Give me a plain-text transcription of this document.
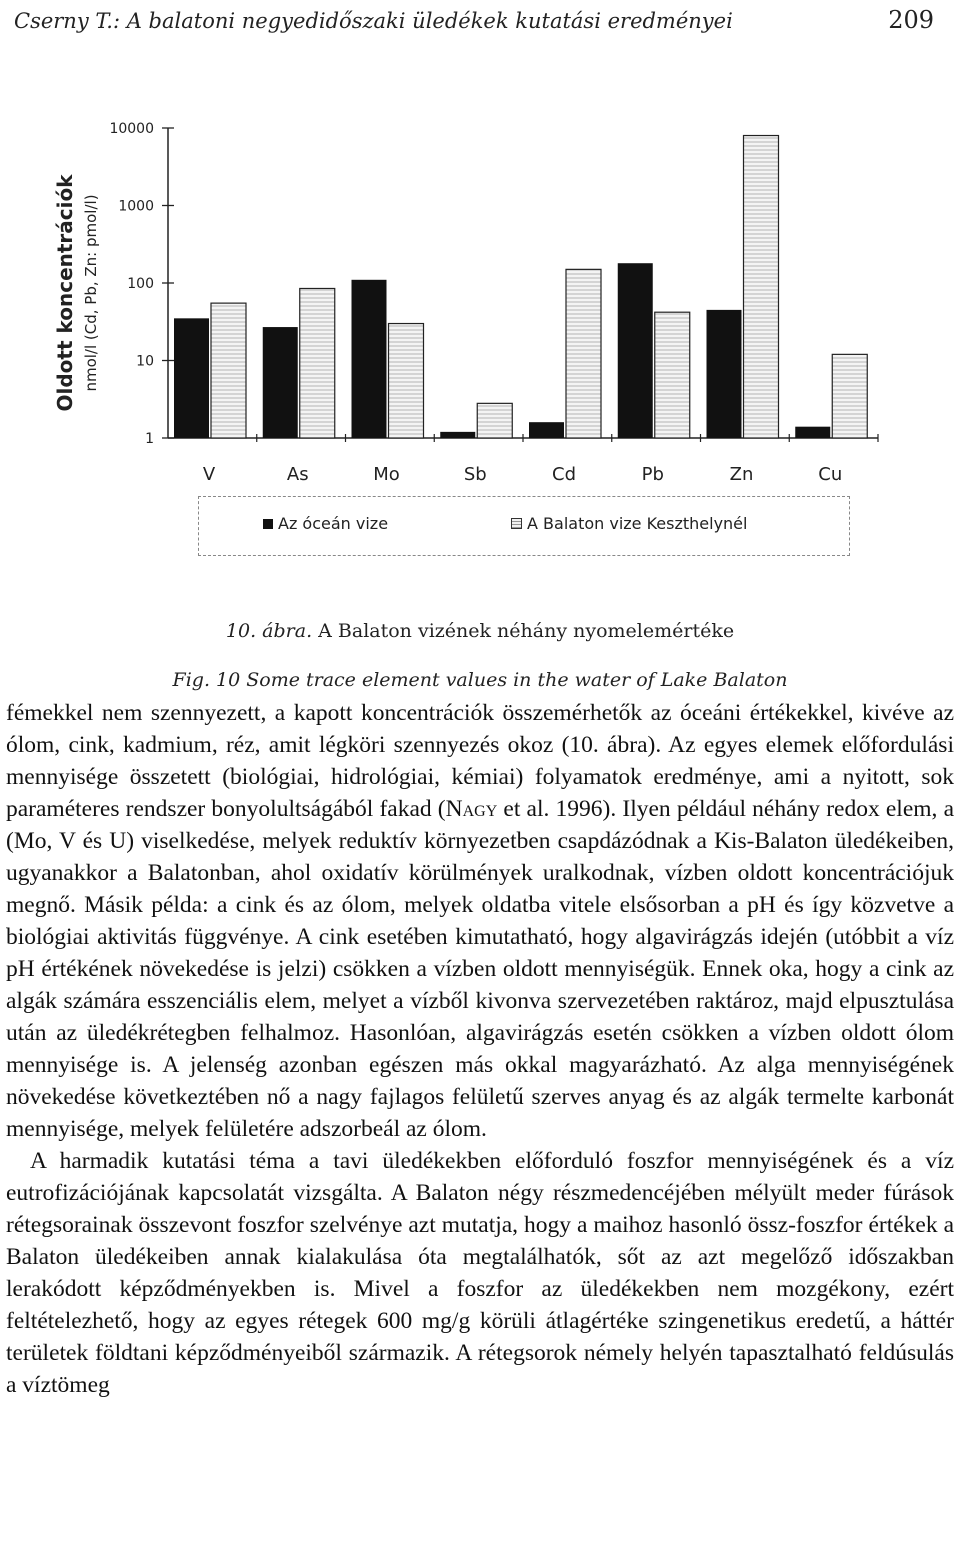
Cserny T.: A balatoni negyedidőszaki üledékek kutatási eredményei	209
1
10
100
1000
10000
Oldott koncentrációk nmol/l (Cd, Pb, Zn: pmol/l)
V	As	Mo	Sb	Cd	Pb	Zn	Cu
Az óceán vize	A Balaton vize Keszthelynél
10. ábra. A Balaton vizének néhány nyomelemértéke
Fig. 10 Some trace element values in the water of Lake Balaton

fémekkel nem szennyezett, a kapott koncentrációk összemérhetők az óceáni értékekkel, kivéve az ólom, cink, kadmium, réz, amit légköri szennyezés okoz (10. ábra). Az egyes elemek előfordulási mennyisége összetett (biológiai, hidrológiai, kémiai) folyamatok eredménye, ami a nyitott, sok paraméteres rendszer bonyolultságából fakad (Nagy et al. 1996). Ilyen például néhány redox elem, a (Mo, V és U) viselkedése, melyek reduktív környezetben csapdázódnak a Kis-Balaton üledékeiben, ugyanakkor a Balatonban, ahol oxidatív körülmények uralkodnak, vízben oldott koncentrációjuk megnő. Másik példa: a cink és az ólom, melyek oldatba vitele elsősorban a pH és így közvetve a biológiai aktivitás függvénye. A cink esetében kimutatható, hogy algavirágzás idején (utóbbit a víz pH értékének növekedése is jelzi) csökken a vízben oldott mennyiségük. Ennek oka, hogy a cink az algák számára esszenciális elem, melyet a vízből kivonva szervezetében raktároz, majd elpusztulása után az üledékrétegben felhalmoz. Hasonlóan, algavirágzás esetén csökken a vízben oldott ólom mennyisége is. A jelenség azonban egészen más okkal magyarázható. Az alga mennyiségének növekedése következtében nő a nagy fajlagos felületű szerves anyag és az algák termelte karbonát mennyisége, melyek felületére adszorbeál az ólom.

A harmadik kutatási téma a tavi üledékekben előforduló foszfor mennyiségének és a víz eutrofizációjának kapcsolatát vizsgálta. A Balaton négy részmedencéjében mélyült meder fúrások rétegsorainak összevont foszfor szelvénye azt mutatja, hogy a maihoz hasonló össz-foszfor értékek a Balaton üledékeiben annak kialakulása óta megtalálhatók, sőt az azt megelőző időszakban lerakódott képződményekben is. Mivel a foszfor az üledékekben nem mozgékony, ezért feltételezhető, hogy az egyes rétegek 600 mg/g körüli átlagértéke szingenetikus eredetű, a háttér területek földtani képződményeiből származik. A rétegsorok némely helyén tapasztalható feldúsulás a víztömeg
